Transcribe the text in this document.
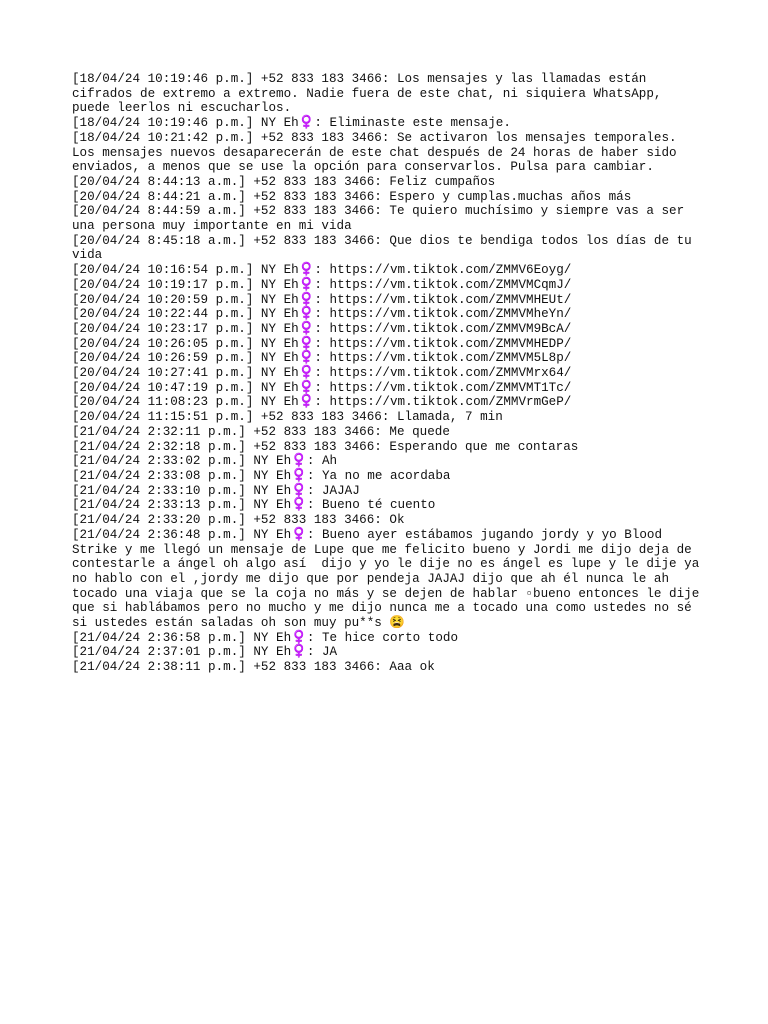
[18/04/24 10:19:46 p.m.] +52 833 183 3466: Los mensajes y las llamadas están cifrados de extremo a extremo. Nadie fuera de este chat, ni siquiera WhatsApp, puede leerlos ni escucharlos.

[18/04/24 10:19:46 p.m.] NY Eh♀️: Eliminaste este mensaje.

[18/04/24 10:21:42 p.m.] +52 833 183 3466: Se activaron los mensajes temporales. Los mensajes nuevos desaparecerán de este chat después de 24 horas de haber sido enviados, a menos que se use la opción para conservarlos. Pulsa para cambiar.

[20/04/24 8:44:13 a.m.] +52 833 183 3466: Feliz cumpaños

[20/04/24 8:44:21 a.m.] +52 833 183 3466: Espero y cumplas.muchas años más

[20/04/24 8:44:59 a.m.] +52 833 183 3466: Te quiero muchísimo y siempre vas a ser una persona muy importante en mi vida

[20/04/24 8:45:18 a.m.] +52 833 183 3466: Que dios te bendiga todos los días de tu vida

[20/04/24 10:16:54 p.m.] NY Eh♀️: https://vm.tiktok.com/ZMMV6Eoyg/

[20/04/24 10:19:17 p.m.] NY Eh♀️: https://vm.tiktok.com/ZMMVMCqmJ/

[20/04/24 10:20:59 p.m.] NY Eh♀️: https://vm.tiktok.com/ZMMVMHEUt/

[20/04/24 10:22:44 p.m.] NY Eh♀️: https://vm.tiktok.com/ZMMVMheYn/

[20/04/24 10:23:17 p.m.] NY Eh♀️: https://vm.tiktok.com/ZMMVM9BcA/

[20/04/24 10:26:05 p.m.] NY Eh♀️: https://vm.tiktok.com/ZMMVMHEDP/

[20/04/24 10:26:59 p.m.] NY Eh♀️: https://vm.tiktok.com/ZMMVM5L8p/

[20/04/24 10:27:41 p.m.] NY Eh♀️: https://vm.tiktok.com/ZMMVMrx64/

[20/04/24 10:47:19 p.m.] NY Eh♀️: https://vm.tiktok.com/ZMMVMT1Tc/

[20/04/24 11:08:23 p.m.] NY Eh♀️: https://vm.tiktok.com/ZMMVrmGeP/

[20/04/24 11:15:51 p.m.] +52 833 183 3466: Llamada, 7 min

[21/04/24 2:32:11 p.m.] +52 833 183 3466: Me quede

[21/04/24 2:32:18 p.m.] +52 833 183 3466: Esperando que me contaras

[21/04/24 2:33:02 p.m.] NY Eh♀️: Ah

[21/04/24 2:33:08 p.m.] NY Eh♀️: Ya no me acordaba

[21/04/24 2:33:10 p.m.] NY Eh♀️: JAJAJ

[21/04/24 2:33:13 p.m.] NY Eh♀️: Bueno té cuento

[21/04/24 2:33:20 p.m.] +52 833 183 3466: Ok

[21/04/24 2:36:48 p.m.] NY Eh♀️: Bueno ayer estábamos jugando jordy y yo Blood Strike y me llegó un mensaje de Lupe que me felicito bueno y Jordi me dijo deja de contestarle a ángel oh algo así  dijo y yo le dije no es ángel es lupe y le dije ya no hablo con el ,jordy me dijo que por pendeja JAJAJ dijo que ah él nunca le ah tocado una viaja que se la coja no más y se dejen de hablar ▫bueno entonces le dije que si hablábamos pero no mucho y me dijo nunca me a tocado una como ustedes no sé si ustedes están saladas oh son muy pu**s 😫

[21/04/24 2:36:58 p.m.] NY Eh♀️: Te hice corto todo

[21/04/24 2:37:01 p.m.] NY Eh♀️: JA

[21/04/24 2:38:11 p.m.] +52 833 183 3466: Aaa ok
